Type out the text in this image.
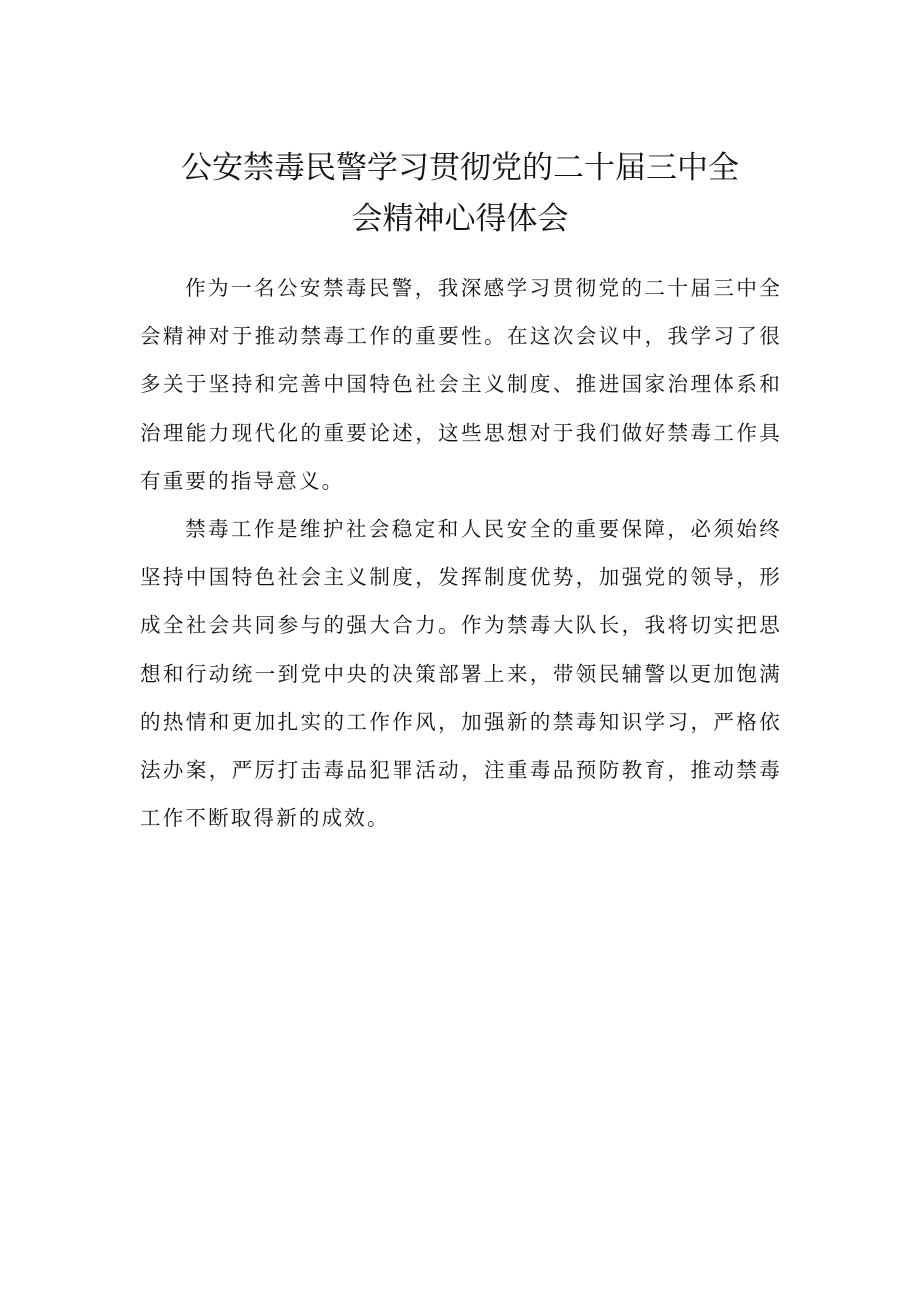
公安禁毒民警学习贯彻党的二十届三中全
会精神心得体会

作为一名公安禁毒民警，我深感学习贯彻党的二十届三中全会精神对于推动禁毒工作的重要性。在这次会议中，我学习了很多关于坚持和完善中国特色社会主义制度、推进国家治理体系和治理能力现代化的重要论述，这些思想对于我们做好禁毒工作具有重要的指导意义。

禁毒工作是维护社会稳定和人民安全的重要保障，必须始终坚持中国特色社会主义制度，发挥制度优势，加强党的领导，形成全社会共同参与的强大合力。作为禁毒大队长，我将切实把思想和行动统一到党中央的决策部署上来，带领民辅警以更加饱满的热情和更加扎实的工作作风，加强新的禁毒知识学习，严格依法办案，严厉打击毒品犯罪活动，注重毒品预防教育，推动禁毒工作不断取得新的成效。
